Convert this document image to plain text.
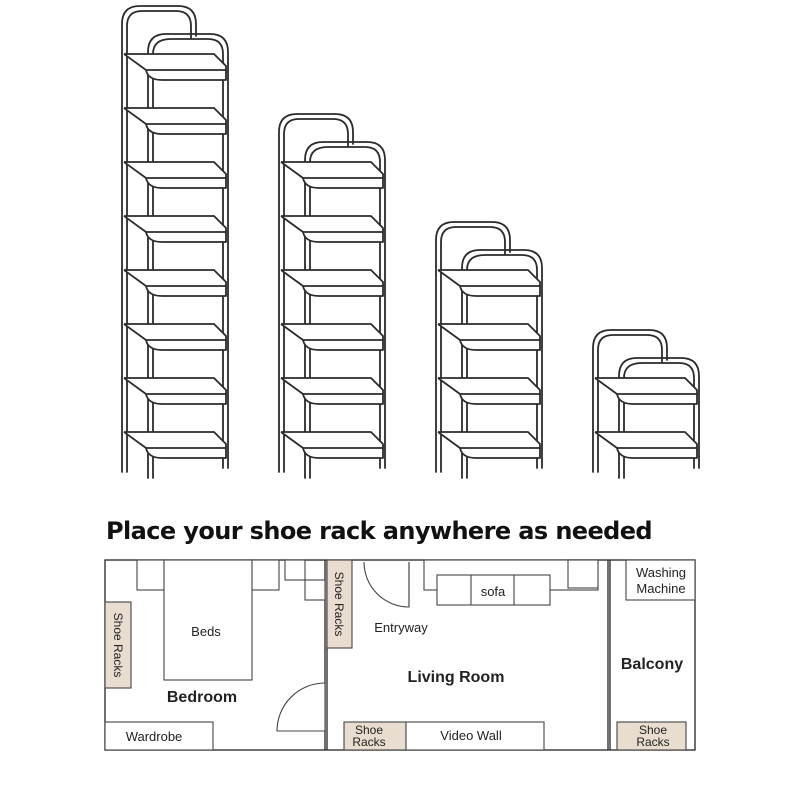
Beds
Bedroom
Wardrobe
Shoe Racks
Shoe Racks Entryway
sofa
Living Room
Shoe
Racks	Video Wall
Washing
Machine
Balcony
Shoe
Racks
Place your shoe rack anywhere as needed
